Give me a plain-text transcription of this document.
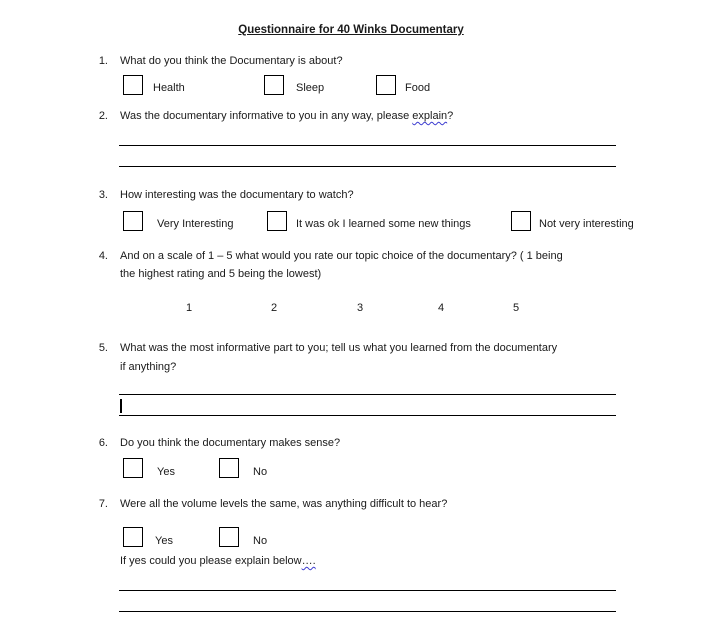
Questionnaire for 40 Winks Documentary
1. What do you think the Documentary is about?
Health	Sleep	Food
2. Was the documentary informative to you in any way, please explain?
3. How interesting was the documentary to watch?
Very Interesting	It was ok I learned some new things	Not very interesting
4. And on a scale of 1 – 5 what would you rate our topic choice of the documentary? ( 1 being
the highest rating and 5 being the lowest)
1	2	3	4	5
5. What was the most informative part to you; tell us what you learned from the documentary
if anything?
6. Do you think the documentary makes sense?
Yes	No
7. Were all the volume levels the same, was anything difficult to hear?
Yes	No
If yes could you please explain below….
